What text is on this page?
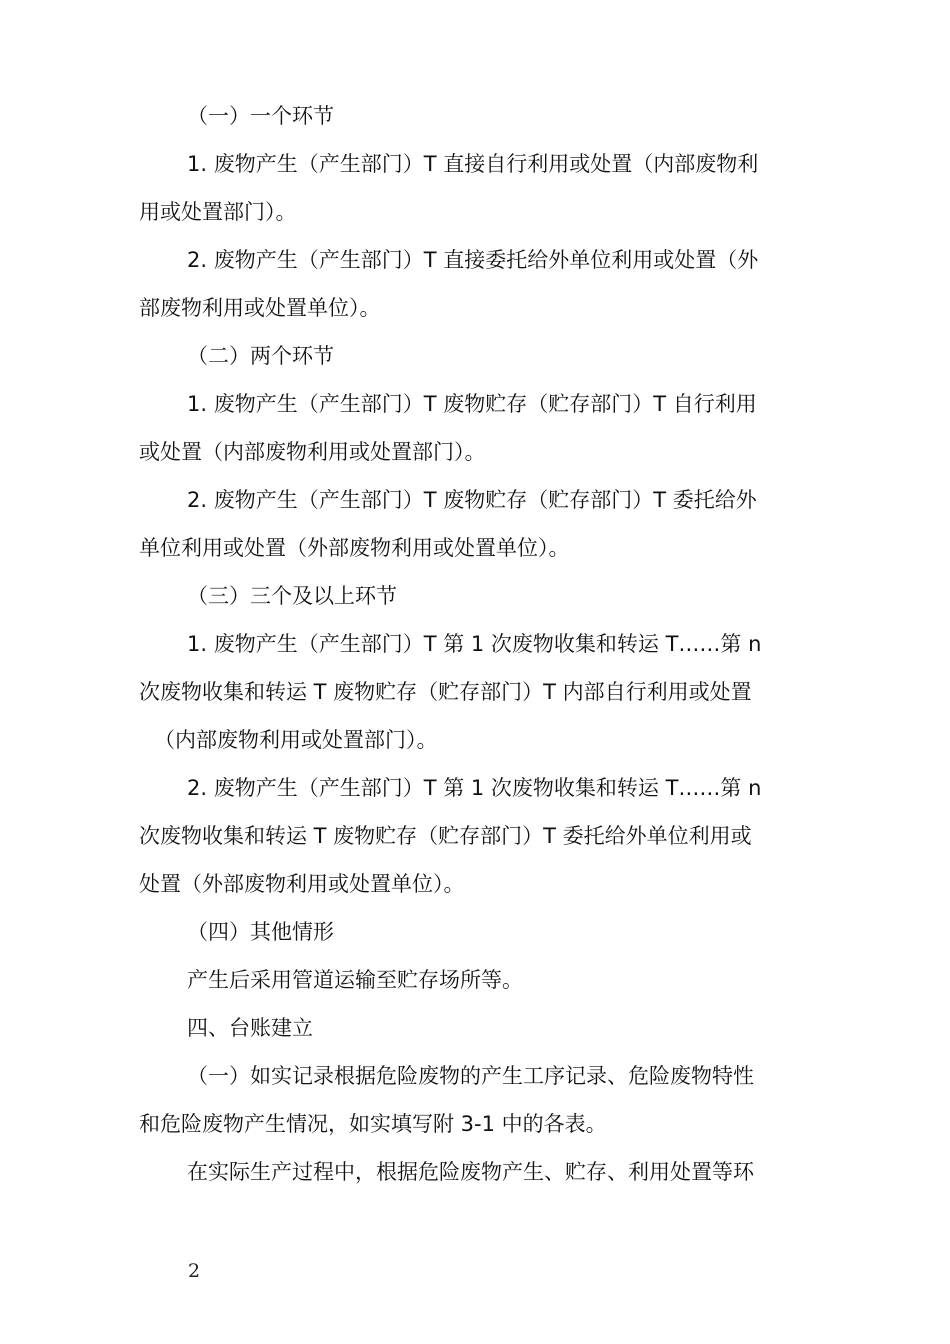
（一）一个环节

1. 废物产生（产生部门）T 直接自行利用或处置（内部废物利

用或处置部门）。

2. 废物产生（产生部门）T 直接委托给外单位利用或处置（外

部废物利用或处置单位）。

（二）两个环节

1. 废物产生（产生部门）T 废物贮存（贮存部门）T 自行利用

或处置（内部废物利用或处置部门）。

2. 废物产生（产生部门）T 废物贮存（贮存部门）T 委托给外

单位利用或处置（外部废物利用或处置单位）。

（三）三个及以上环节

1. 废物产生（产生部门）T 第 1 次废物收集和转运 T……第 n

次废物收集和转运 T 废物贮存（贮存部门）T 内部自行利用或处置

（内部废物利用或处置部门）。

2. 废物产生（产生部门）T 第 1 次废物收集和转运 T……第 n

次废物收集和转运 T 废物贮存（贮存部门）T 委托给外单位利用或

处置（外部废物利用或处置单位）。

（四）其他情形

产生后采用管道运输至贮存场所等。

四、台账建立

（一）如实记录根据危险废物的产生工序记录、危险废物特性

和危险废物产生情况，如实填写附 3-1 中的各表。

在实际生产过程中，根据危险废物产生、贮存、利用处置等环

2
